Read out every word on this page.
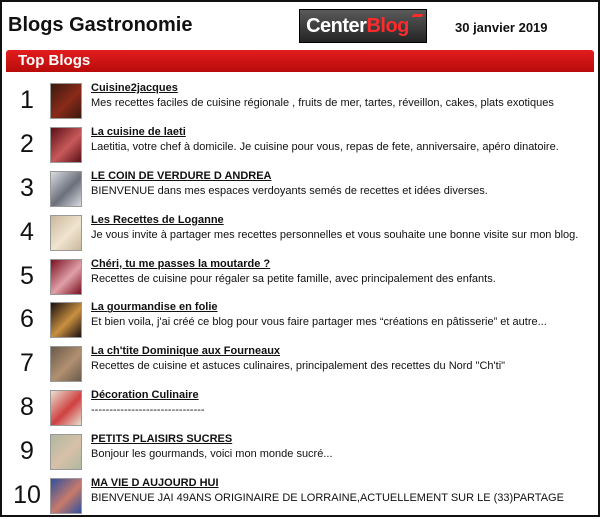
Blogs Gastronomie	Center Blog	30 janvier 2019
Top Blogs
1	Cuisine2jacques
Mes recettes faciles de cuisine régionale , fruits de mer, tartes, réveillon, cakes, plats exotiques
2	La cuisine de laeti
Laetitia, votre chef à domicile. Je cuisine pour vous, repas de fete, anniversaire, apéro dinatoire.
3	LE COIN DE VERDURE D ANDREA
BIENVENUE dans mes espaces verdoyants semés de recettes et idées diverses.
4	Les Recettes de Loganne
Je vous invite à partager mes recettes personnelles et vous souhaite une bonne visite sur mon blog.
5	Chéri, tu me passes la moutarde ?
Recettes de cuisine pour régaler sa petite famille, avec principalement des enfants.
6	La gourmandise en folie
Et bien voila, j'ai créé ce blog pour vous faire partager mes “créations en pâtisserie” et autre...
7	La ch'tite Dominique aux Fourneaux
Recettes de cuisine et astuces culinaires, principalement des recettes du Nord "Ch'ti"
8	Décoration Culinaire
-------------------------------
9	PETITS PLAISIRS SUCRES
Bonjour les gourmands, voici mon monde sucré...
10	MA VIE D AUJOURD HUI
BIENVENUE JAI 49ANS ORIGINAIRE DE LORRAINE,ACTUELLEMENT SUR LE (33)PARTAGE
